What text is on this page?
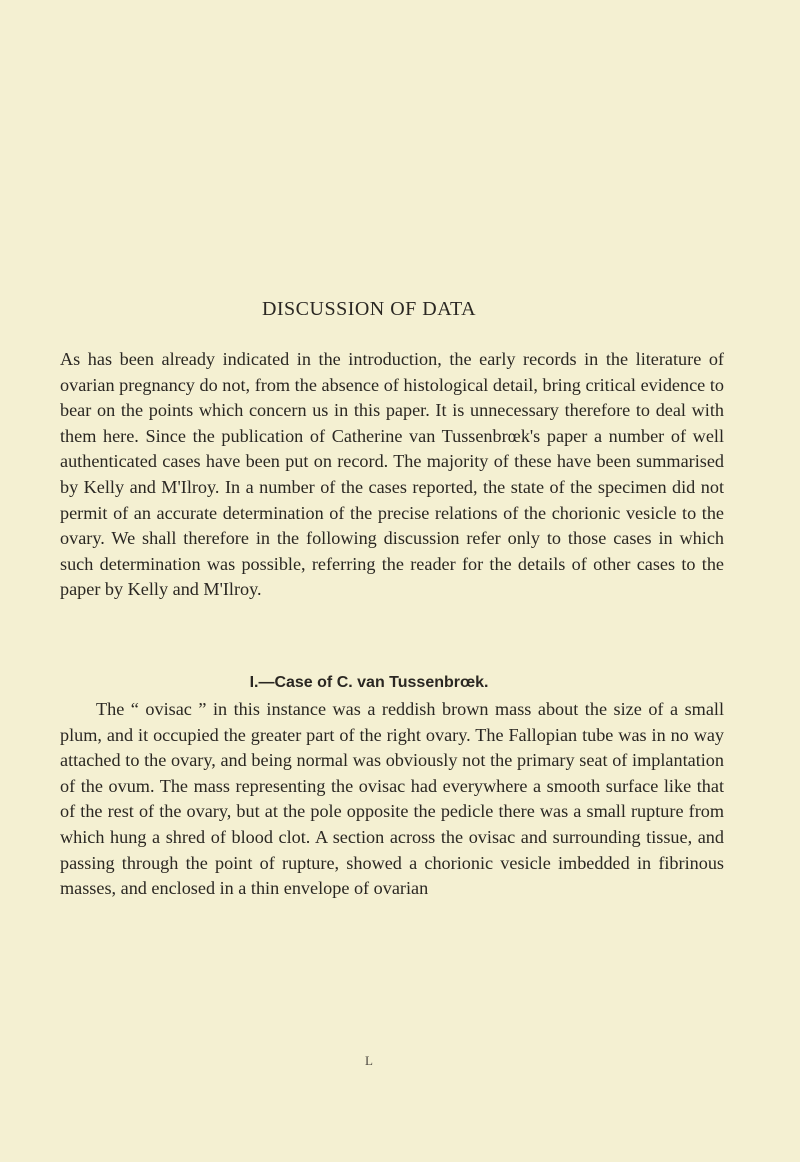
DISCUSSION OF DATA

As has been already indicated in the introduction, the early records in the literature of ovarian pregnancy do not, from the absence of histological detail, bring critical evidence to bear on the points which concern us in this paper. It is unnecessary therefore to deal with them here. Since the publication of Catherine van Tussenbrœk's paper a number of well authenticated cases have been put on record. The majority of these have been summarised by Kelly and M'Ilroy. In a number of the cases reported, the state of the specimen did not permit of an accurate determination of the precise relations of the chorionic vesicle to the ovary. We shall therefore in the following discussion refer only to those cases in which such determination was possible, referring the reader for the details of other cases to the paper by Kelly and M'Ilroy.

I.—Case of C. van Tussenbrœk.

The “ ovisac ” in this instance was a reddish brown mass about the size of a small plum, and it occupied the greater part of the right ovary. The Fallopian tube was in no way attached to the ovary, and being normal was obviously not the primary seat of implantation of the ovum. The mass representing the ovisac had everywhere a smooth surface like that of the rest of the ovary, but at the pole opposite the pedicle there was a small rupture from which hung a shred of blood clot. A section across the ovisac and surrounding tissue, and passing through the point of rupture, showed a chorionic vesicle imbedded in fibrinous masses, and enclosed in a thin envelope of ovarian

L
